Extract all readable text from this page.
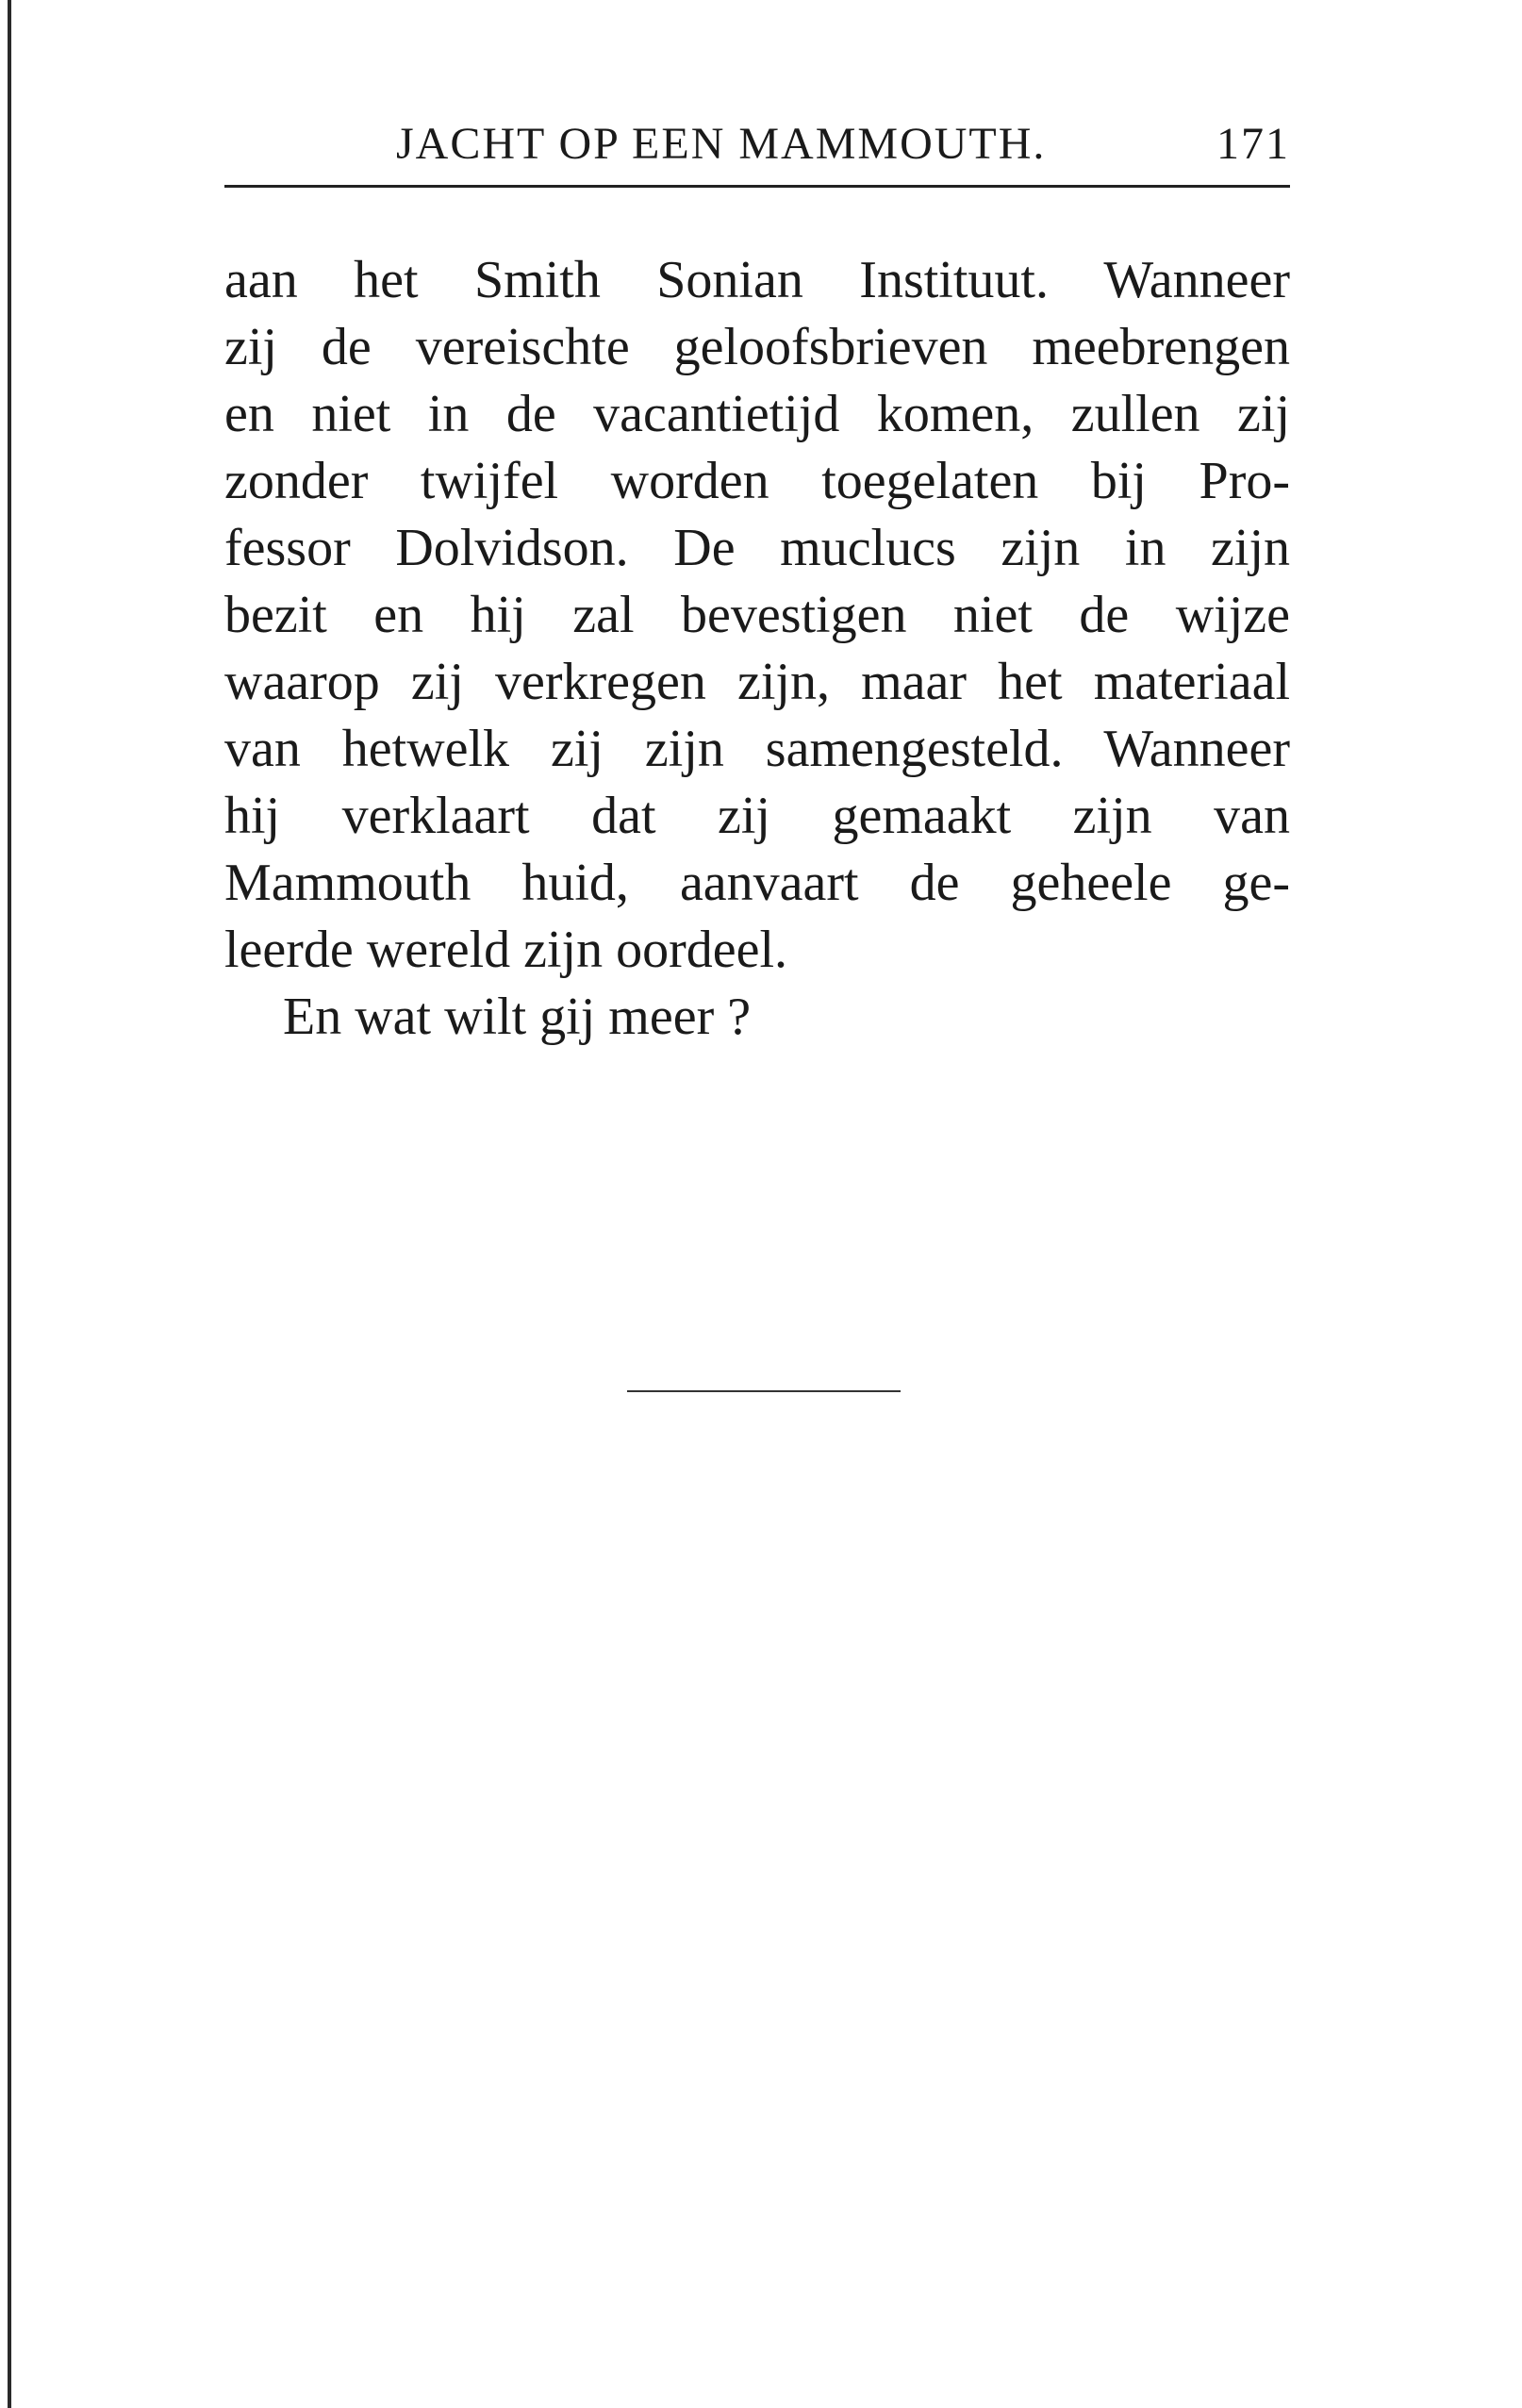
JACHT OP EEN MAMMOUTH.	171
aan het Smith Sonian Instituut. Wanneer
zij de vereischte geloofsbrieven meebrengen
en niet in de vacantietijd komen, zullen zij
zonder twijfel worden toegelaten bij Pro-
fessor Dolvidson. De muclucs zijn in zijn
bezit en hij zal bevestigen niet de wijze
waarop zij verkregen zijn, maar het materiaal
van hetwelk zij zijn samengesteld. Wanneer
hij verklaart dat zij gemaakt zijn van
Mammouth huid, aanvaart de geheele ge-
leerde wereld zijn oordeel.
En wat wilt gij meer ?
